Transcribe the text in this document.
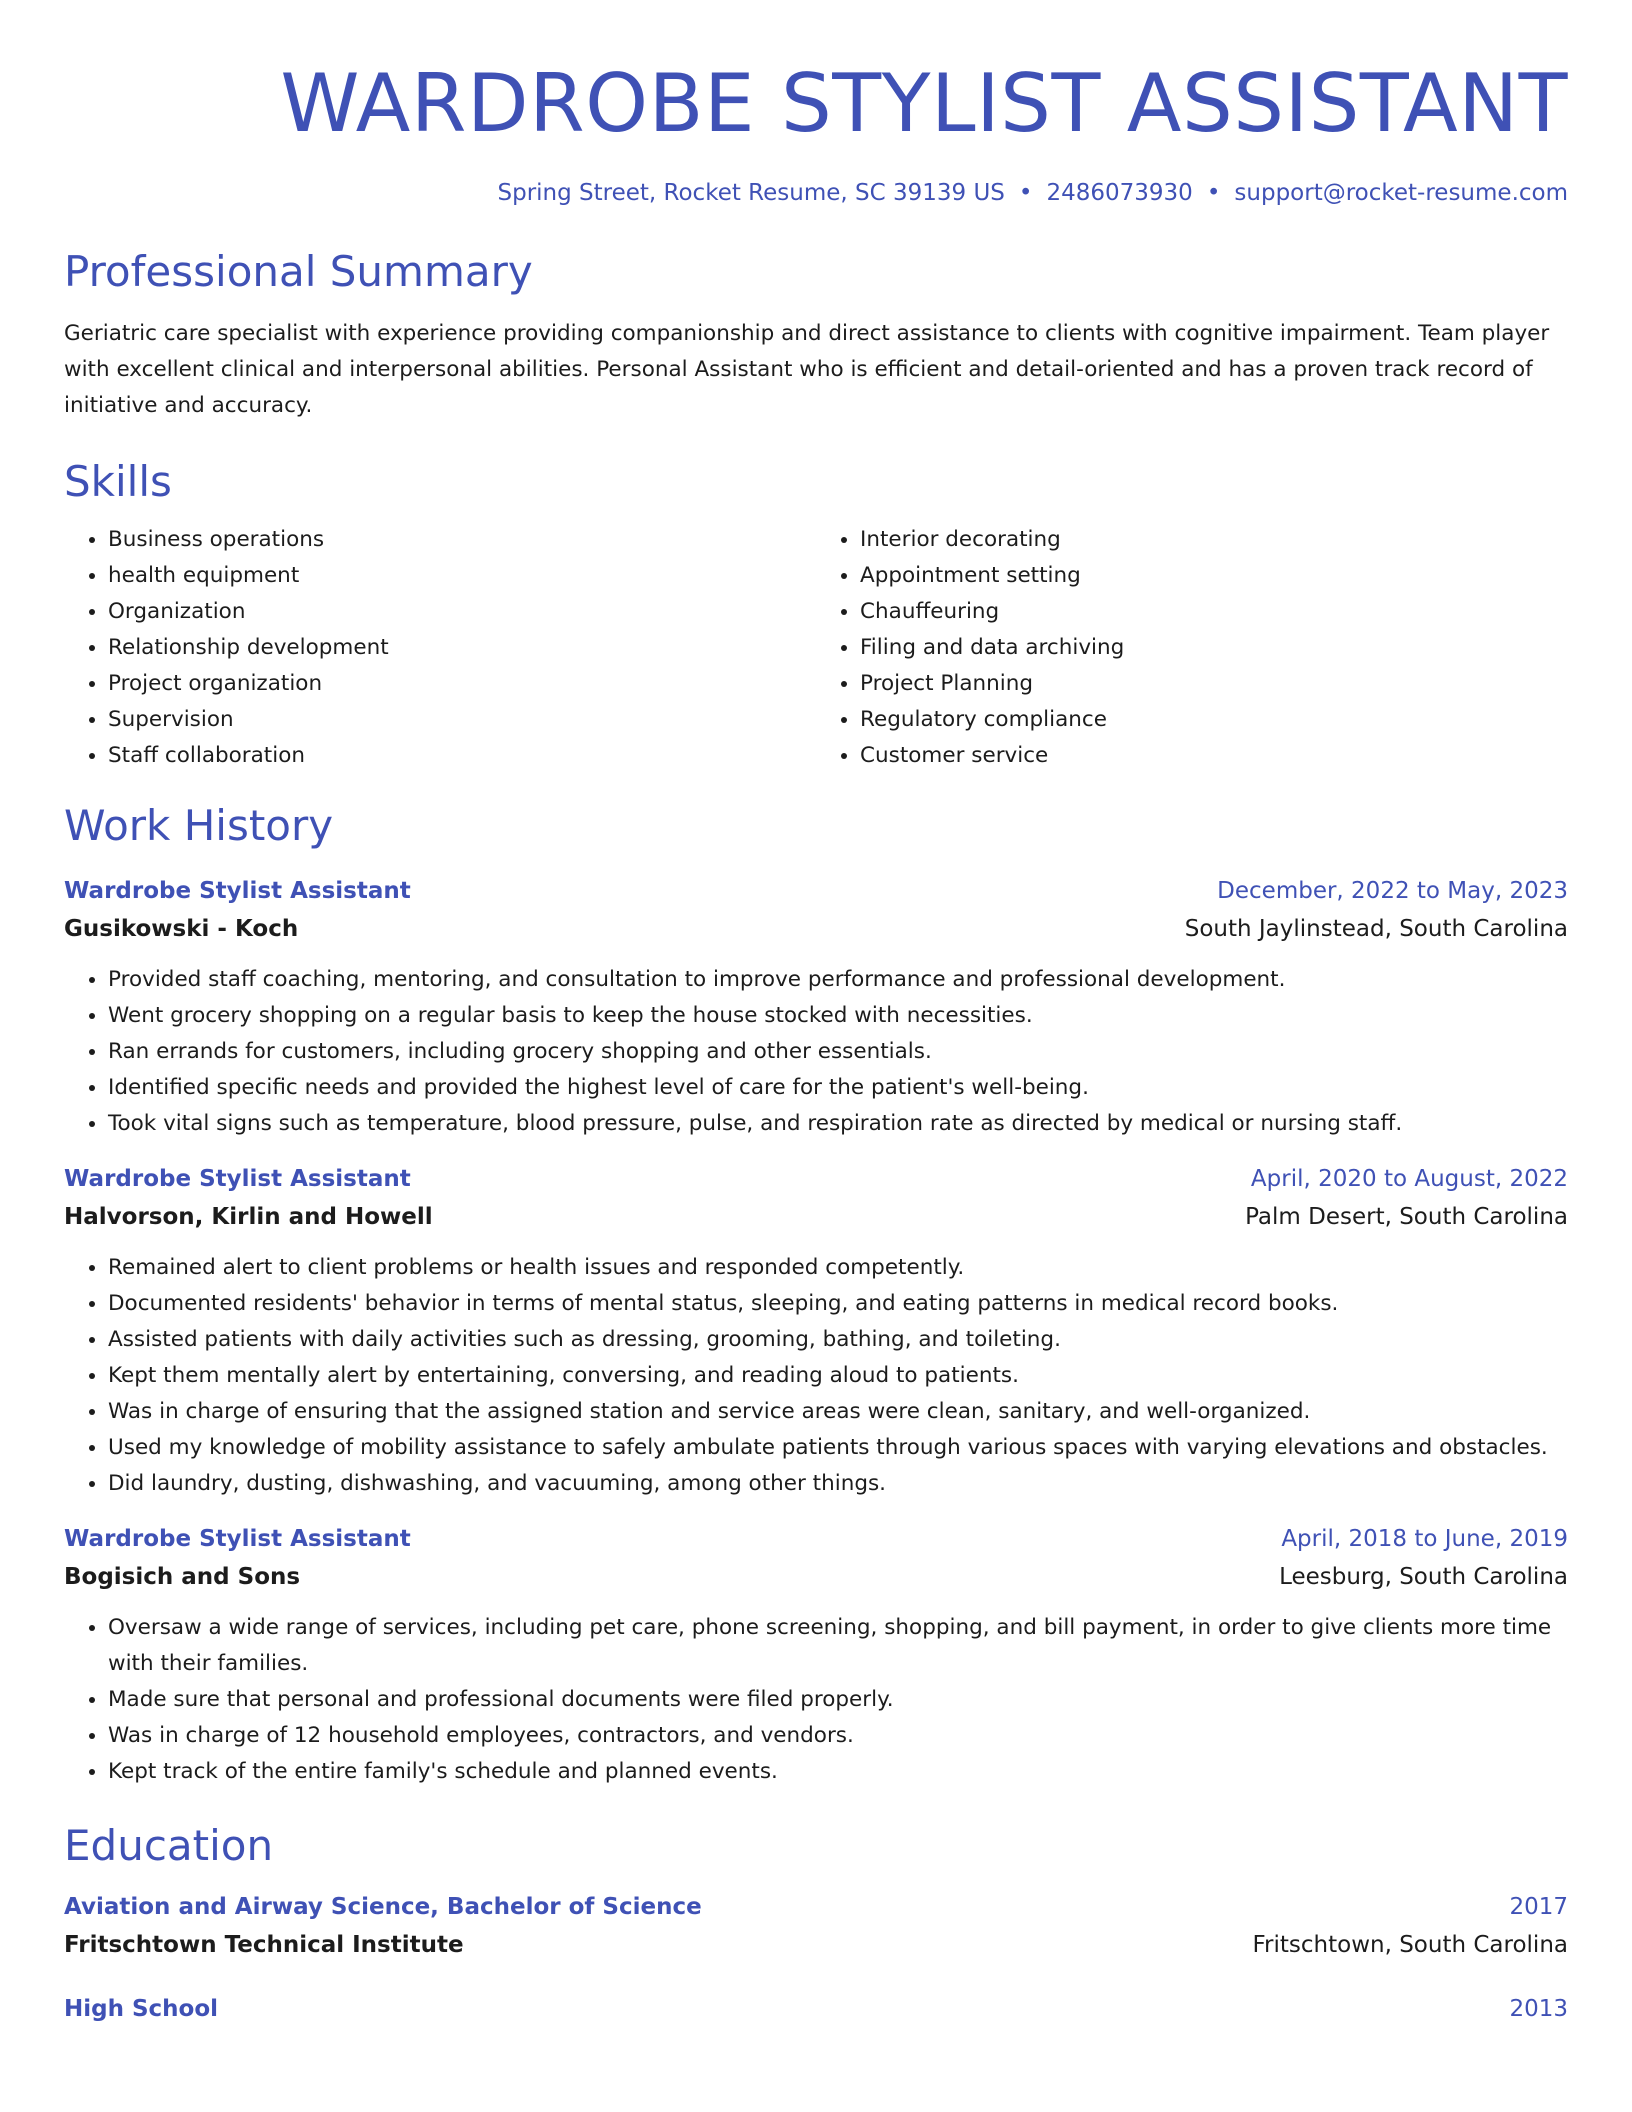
WARDROBE STYLIST ASSISTANT
Spring Street, Rocket Resume, SC 39139 US • 2486073930 • support@rocket-resume.com
Professional Summary

Geriatric care specialist with experience providing companionship and direct assistance to clients with cognitive impairment. Team player with excellent clinical and interpersonal abilities. Personal Assistant who is efficient and detail-oriented and has a proven track record of initiative and accuracy.

Skills
• Business operations
• health equipment
• Organization
• Relationship development
• Project organization
• Supervision
• Staff collaboration
• Interior decorating
• Appointment setting
• Chauffeuring
• Filing and data archiving
• Project Planning
• Regulatory compliance
• Customer service
Work History
Wardrobe Stylist Assistant	December, 2022 to May, 2023
Gusikowski - Koch	South Jaylinstead, South Carolina
• Provided staff coaching, mentoring, and consultation to improve performance and professional development.
• Went grocery shopping on a regular basis to keep the house stocked with necessities.
• Ran errands for customers, including grocery shopping and other essentials.
• Identified specific needs and provided the highest level of care for the patient's well-being.
• Took vital signs such as temperature, blood pressure, pulse, and respiration rate as directed by medical or nursing staff.
Wardrobe Stylist Assistant	April, 2020 to August, 2022
Halvorson, Kirlin and Howell	Palm Desert, South Carolina
• Remained alert to client problems or health issues and responded competently.
• Documented residents' behavior in terms of mental status, sleeping, and eating patterns in medical record books.
• Assisted patients with daily activities such as dressing, grooming, bathing, and toileting.
• Kept them mentally alert by entertaining, conversing, and reading aloud to patients.
• Was in charge of ensuring that the assigned station and service areas were clean, sanitary, and well-organized.
• Used my knowledge of mobility assistance to safely ambulate patients through various spaces with varying elevations and obstacles.
• Did laundry, dusting, dishwashing, and vacuuming, among other things.
Wardrobe Stylist Assistant	April, 2018 to June, 2019
Bogisich and Sons	Leesburg, South Carolina
• Oversaw a wide range of services, including pet care, phone screening, shopping, and bill payment, in order to give clients more time with their families.
• Made sure that personal and professional documents were filed properly.
• Was in charge of 12 household employees, contractors, and vendors.
• Kept track of the entire family's schedule and planned events.
Education
Aviation and Airway Science, Bachelor of Science	2017
Fritschtown Technical Institute	Fritschtown, South Carolina
High School	2013
